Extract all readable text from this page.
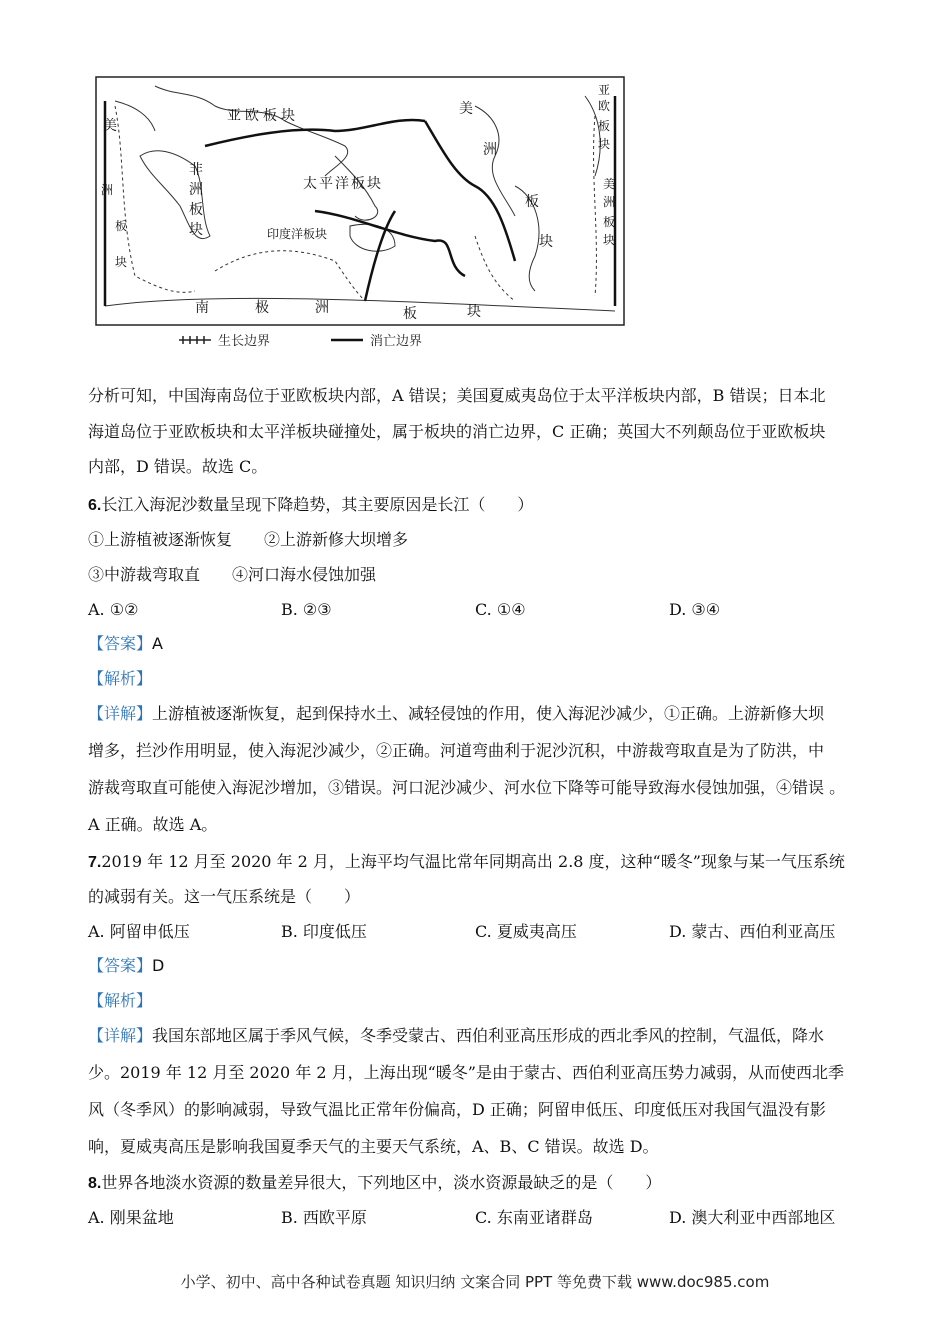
亚欧板块
美
美
洲
非
洲
板
块
太平洋板块
印度洋板块
南	极	洲	板	块
板
块
亚
欧
板
块
美
洲
板
块
洲
板
块
生长边界	消亡边界
分析可知，中国海南岛位于亚欧板块内部，A 错误；美国夏威夷岛位于太平洋板块内部，B 错误；日本北
海道岛位于亚欧板块和太平洋板块碰撞处，属于板块的消亡边界，C 正确；英国大不列颠岛位于亚欧板块
内部，D 错误。故选 C。
6.长江入海泥沙数量呈现下降趋势，其主要原因是长江（　　）
①上游植被逐渐恢复　　②上游新修大坝增多
③中游裁弯取直　　④河口海水侵蚀加强
A. ①②	B. ②③	C. ①④	D. ③④
【答案】A
【解析】
【详解】上游植被逐渐恢复，起到保持水土、减轻侵蚀的作用，使入海泥沙减少，①正确。上游新修大坝
增多，拦沙作用明显，使入海泥沙减少，②正确。河道弯曲利于泥沙沉积，中游裁弯取直是为了防洪，中
游裁弯取直可能使入海泥沙增加，③错误。河口泥沙减少、河水位下降等可能导致海水侵蚀加强，④错误 。
A 正确。故选 A。
7.2019 年 12 月至 2020 年 2 月，上海平均气温比常年同期高出 2.8 度，这种“暖冬”现象与某一气压系统
的减弱有关。这一气压系统是（　　）
A. 阿留申低压	B. 印度低压	C. 夏威夷高压	D. 蒙古、西伯利亚高压
【答案】D
【解析】
【详解】我国东部地区属于季风气候，冬季受蒙古、西伯利亚高压形成的西北季风的控制，气温低，降水
少。2019 年 12 月至 2020 年 2 月，上海出现“暖冬”是由于蒙古、西伯利亚高压势力减弱，从而使西北季
风（冬季风）的影响减弱，导致气温比正常年份偏高，D 正确；阿留申低压、印度低压对我国气温没有影
响，夏威夷高压是影响我国夏季天气的主要天气系统，A、B、C 错误。故选 D。
8.世界各地淡水资源的数量差异很大，下列地区中，淡水资源最缺乏的是（　　）
A. 刚果盆地	B. 西欧平原	C. 东南亚诸群岛	D. 澳大利亚中西部地区
小学、初中、高中各种试卷真题 知识归纳 文案合同 PPT 等免费下载 www.doc985.com
